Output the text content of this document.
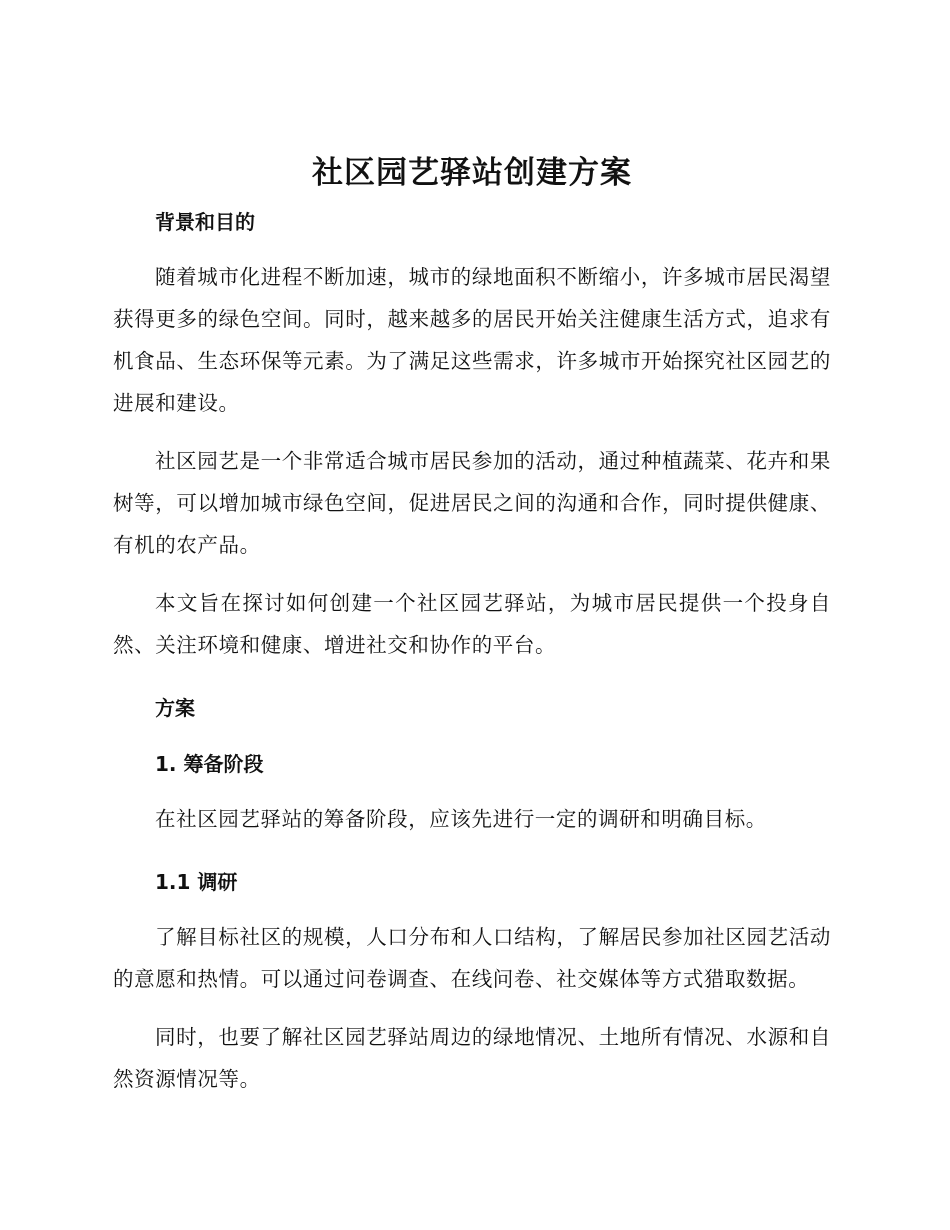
社区园艺驿站创建方案
背景和目的

随着城市化进程不断加速，城市的绿地面积不断缩小，许多城市居民渴望获得更多的绿色空间。同时，越来越多的居民开始关注健康生活方式，追求有机食品、生态环保等元素。为了满足这些需求，许多城市开始探究社区园艺的进展和建设。

社区园艺是一个非常适合城市居民参加的活动，通过种植蔬菜、花卉和果树等，可以增加城市绿色空间，促进居民之间的沟通和合作，同时提供健康、有机的农产品。

本文旨在探讨如何创建一个社区园艺驿站，为城市居民提供一个投身自然、关注环境和健康、增进社交和协作的平台。

方案
1. 筹备阶段

在社区园艺驿站的筹备阶段，应该先进行一定的调研和明确目标。

1.1 调研

了解目标社区的规模，人口分布和人口结构，了解居民参加社区园艺活动的意愿和热情。可以通过问卷调查、在线问卷、社交媒体等方式猎取数据。

同时，也要了解社区园艺驿站周边的绿地情况、土地所有情况、水源和自然资源情况等。
